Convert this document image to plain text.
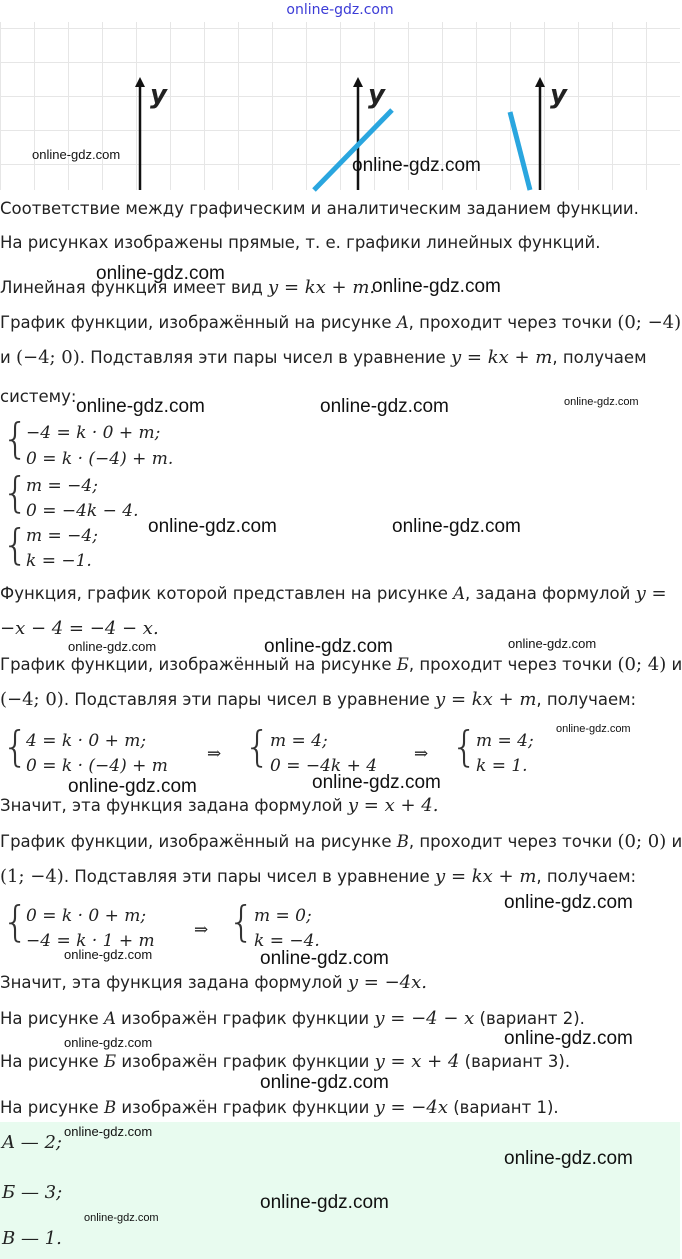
online-gdz.com
y	y	y
Соответствие между графическим и аналитическим заданием функции.
На рисунках изображены прямые, т. е. графики линейных функций.
Линейная функция имеет вид y = kx + m.
График функции, изображённый на рисунке A, проходит через точки (0; −4)
и (−4; 0). Подставляя эти пары чисел в уравнение y = kx + m, получаем
систему:
{
−4 = k · 0 + m;
0 = k · (−4) + m.
{
m = −4;
0 = −4k − 4.
{
m = −4;
k = −1.
Функция, график которой представлен на рисунке A, задана формулой y =
−x − 4 = −4 − x.
График функции, изображённый на рисунке Б, проходит через точки (0; 4) и
(−4; 0). Подставляя эти пары чисел в уравнение y = kx + m, получаем:
{
4 = k · 0 + m;
0 = k · (−4) + m
⇒ { m = 4;
0 = −4k + 4
⇒ {
m = 4;
k = 1.
Значит, эта функция задана формулой y = x + 4.
График функции, изображённый на рисунке B, проходит через точки (0; 0) и
(1; −4). Подставляя эти пары чисел в уравнение y = kx + m, получаем:
{
0 = k · 0 + m;
−4 = k · 1 + m
⇒ { m = 0;
k = −4.
Значит, эта функция задана формулой y = −4x.
На рисунке A изображён график функции y = −4 − x (вариант 2).
На рисунке Б изображён график функции y = x + 4 (вариант 3).
На рисунке B изображён график функции y = −4x (вариант 1).
A — 2;
Б — 3;
B — 1.
online-gdz.com
online-gdz.com
online-gdz.com
online-gdz.com
online-gdz.com	online-gdz.com	online-gdz.com
online-gdz.com	online-gdz.com
online-gdz.com	online-gdz.com	online-gdz.com
online-gdz.com
online-gdz.com	online-gdz.com
online-gdz.com
online-gdz.com	online-gdz.com
online-gdz.com
online-gdz.com
online-gdz.com
online-gdz.com
online-gdz.com
online-gdz.com
online-gdz.com
